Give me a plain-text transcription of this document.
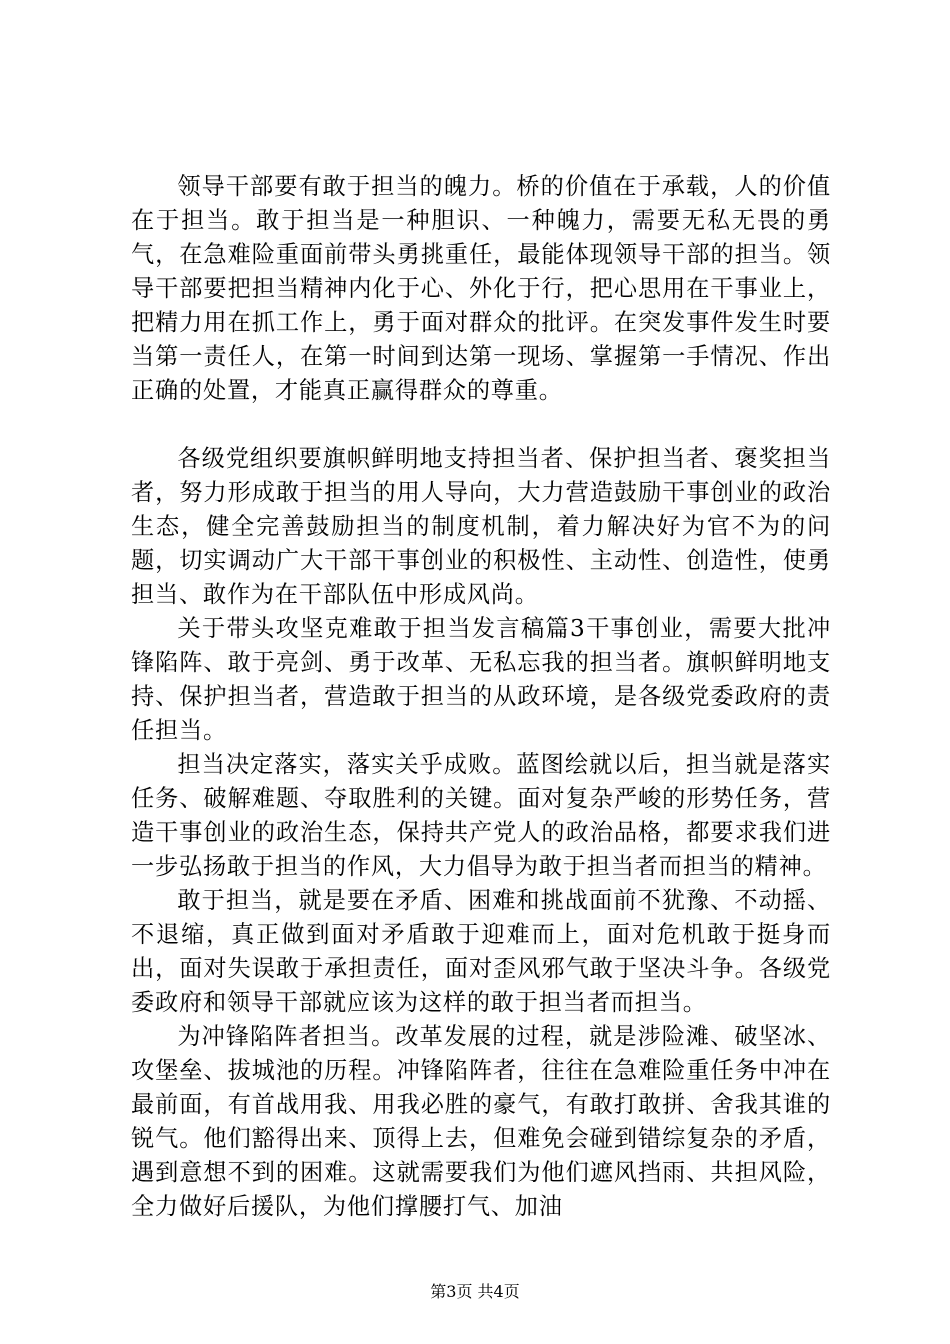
领导干部要有敢于担当的魄力。桥的价值在于承载，人的价值在于担当。敢于担当是一种胆识、一种魄力，需要无私无畏的勇气，在急难险重面前带头勇挑重任，最能体现领导干部的担当。领导干部要把担当精神内化于心、外化于行，把心思用在干事业上，把精力用在抓工作上，勇于面对群众的批评。在突发事件发生时要当第一责任人，在第一时间到达第一现场、掌握第一手情况、作出正确的处置，才能真正赢得群众的尊重。

各级党组织要旗帜鲜明地支持担当者、保护担当者、褒奖担当者，努力形成敢于担当的用人导向，大力营造鼓励干事创业的政治生态，健全完善鼓励担当的制度机制，着力解决好为官不为的问题，切实调动广大干部干事创业的积极性、主动性、创造性，使勇担当、敢作为在干部队伍中形成风尚。

关于带头攻坚克难敢于担当发言稿篇3干事创业，需要大批冲锋陷阵、敢于亮剑、勇于改革、无私忘我的担当者。旗帜鲜明地支持、保护担当者，营造敢于担当的从政环境，是各级党委政府的责任担当。

担当决定落实，落实关乎成败。蓝图绘就以后，担当就是落实任务、破解难题、夺取胜利的关键。面对复杂严峻的形势任务，营造干事创业的政治生态，保持共产党人的政治品格，都要求我们进一步弘扬敢于担当的作风，大力倡导为敢于担当者而担当的精神。

敢于担当，就是要在矛盾、困难和挑战面前不犹豫、不动摇、不退缩，真正做到面对矛盾敢于迎难而上，面对危机敢于挺身而出，面对失误敢于承担责任，面对歪风邪气敢于坚决斗争。各级党委政府和领导干部就应该为这样的敢于担当者而担当。

为冲锋陷阵者担当。改革发展的过程，就是涉险滩、破坚冰、攻堡垒、拔城池的历程。冲锋陷阵者，往往在急难险重任务中冲在最前面，有首战用我、用我必胜的豪气，有敢打敢拼、舍我其谁的锐气。他们豁得出来、顶得上去，但难免会碰到错综复杂的矛盾，遇到意想不到的困难。这就需要我们为他们遮风挡雨、共担风险，全力做好后援队，为他们撑腰打气、加油

第3页 共4页
